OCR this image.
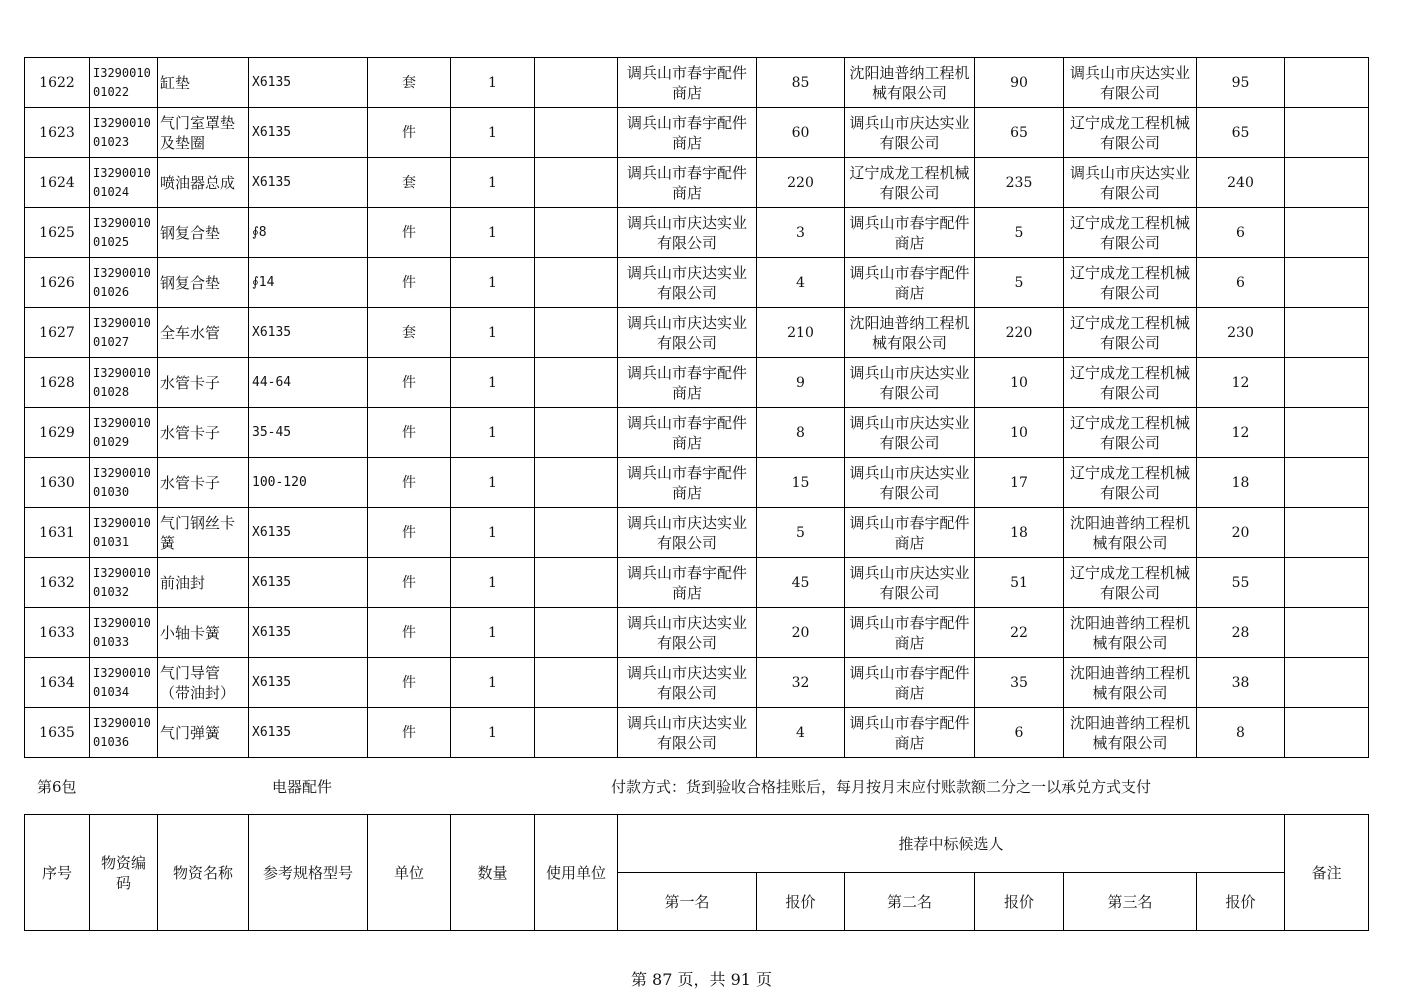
1622	I3290010 01022	缸垫	X6135	套	1		调兵山市春宇配件商店	85	沈阳迪普纳工程机械有限公司	90	调兵山市庆达实业有限公司	95	
1623	I3290010 01023	气门室罩垫及垫圈	X6135	件	1		调兵山市春宇配件商店	60	调兵山市庆达实业有限公司	65	辽宁成龙工程机械有限公司	65	
1624	I3290010 01024	喷油器总成	X6135	套	1		调兵山市春宇配件商店	220	辽宁成龙工程机械有限公司	235	调兵山市庆达实业有限公司	240	
1625	I3290010 01025	钢复合垫	∮8	件	1		调兵山市庆达实业有限公司	3	调兵山市春宇配件商店	5	辽宁成龙工程机械有限公司	6	
1626	I3290010 01026	钢复合垫	∮14	件	1		调兵山市庆达实业有限公司	4	调兵山市春宇配件商店	5	辽宁成龙工程机械有限公司	6	
1627	I3290010 01027	全车水管	X6135	套	1		调兵山市庆达实业有限公司	210	沈阳迪普纳工程机械有限公司	220	辽宁成龙工程机械有限公司	230	
1628	I3290010 01028	水管卡子	44-64	件	1		调兵山市春宇配件商店	9	调兵山市庆达实业有限公司	10	辽宁成龙工程机械有限公司	12	
1629	I3290010 01029	水管卡子	35-45	件	1		调兵山市春宇配件商店	8	调兵山市庆达实业有限公司	10	辽宁成龙工程机械有限公司	12	
1630	I3290010 01030	水管卡子	100-120	件	1		调兵山市春宇配件商店	15	调兵山市庆达实业有限公司	17	辽宁成龙工程机械有限公司	18	
1631	I3290010 01031	气门钢丝卡簧	X6135	件	1		调兵山市庆达实业有限公司	5	调兵山市春宇配件商店	18	沈阳迪普纳工程机械有限公司	20	
1632	I3290010 01032	前油封	X6135	件	1		调兵山市春宇配件商店	45	调兵山市庆达实业有限公司	51	辽宁成龙工程机械有限公司	55	
1633	I3290010 01033	小轴卡簧	X6135	件	1		调兵山市庆达实业有限公司	20	调兵山市春宇配件商店	22	沈阳迪普纳工程机械有限公司	28	
1634	I3290010 01034	气门导管（带油封）	X6135	件	1		调兵山市庆达实业有限公司	32	调兵山市春宇配件商店	35	沈阳迪普纳工程机械有限公司	38	
1635	I3290010 01036	气门弹簧	X6135	件	1		调兵山市庆达实业有限公司	4	调兵山市春宇配件商店	6	沈阳迪普纳工程机械有限公司	8	
第6包	电器配件	付款方式：货到验收合格挂账后，每月按月末应付账款额二分之一以承兑方式支付
序号	物资编码	物资名称	参考规格型号	单位	数量	使用单位	推荐中标候选人						备注
							第一名	报价	第二名	报价	第三名	报价	
第 87 页，共 91 页
